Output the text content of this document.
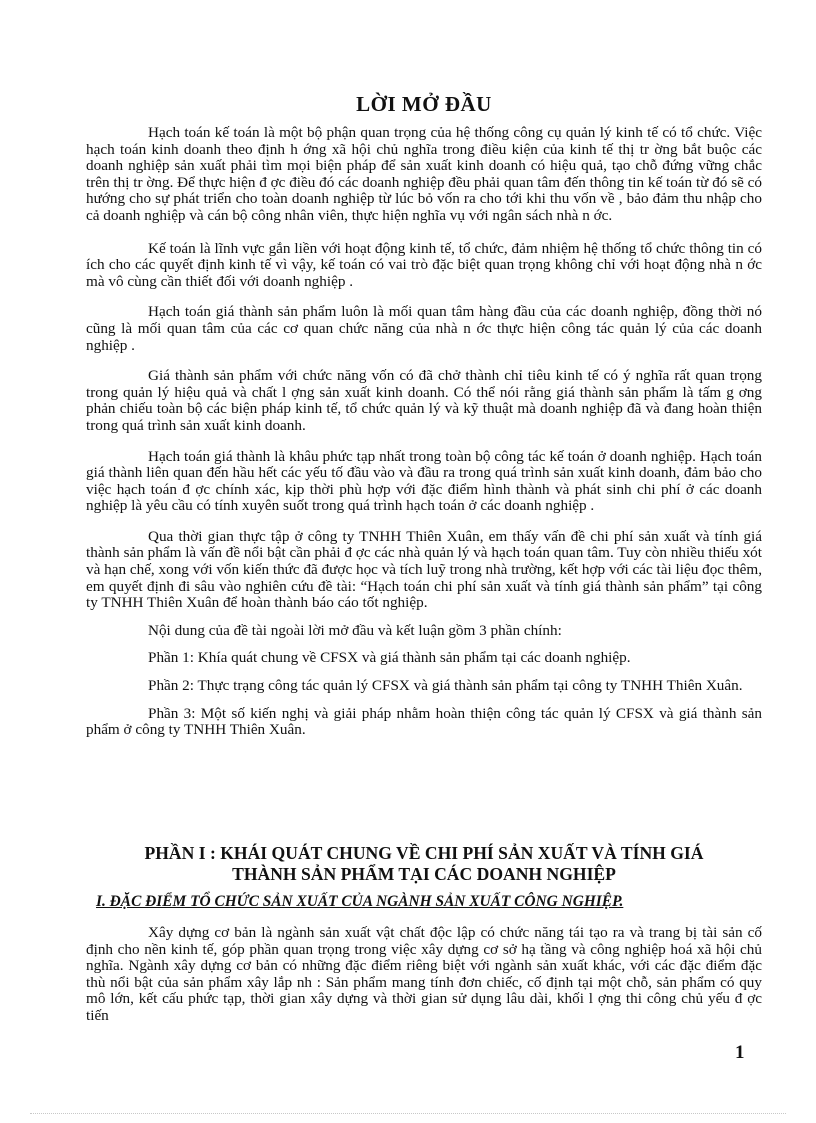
LỜI MỞ ĐẦU

Hạch toán kế toán là một bộ phận quan trọng của hệ thống công cụ quản lý kinh tế có tổ chức. Việc hạch toán kinh doanh theo định h ớng xã hội chủ nghĩa trong điều kiện của kinh tế thị tr ờng bắt buộc các doanh nghiệp sản xuất phải tìm mọi biện pháp để sản xuất kinh doanh có hiệu quả, tạo chỗ đứng vững chắc trên thị tr ờng. Để thực hiện đ ợc điều đó các doanh nghiệp đều phải quan tâm đến thông tin kế toán từ đó sẽ có hướng cho sự phát triển cho toàn doanh nghiệp từ lúc bỏ vốn ra cho tới khi thu vốn về , bảo đảm thu nhập cho cả doanh nghiệp và cán bộ công nhân viên, thực hiện nghĩa vụ với ngân sách nhà n ớc.

Kế toán là lĩnh vực gắn liền với hoạt động kinh tế, tổ chức, đảm nhiệm hệ thống tổ chức thông tin có ích cho các quyết định kinh tế vì vậy, kế toán có vai trò đặc biệt quan trọng không chỉ với hoạt động nhà n ớc mà vô cùng cần thiết đối với doanh nghiệp .

Hạch toán giá thành sản phẩm luôn là mối quan tâm hàng đầu của các doanh nghiệp, đồng thời nó cũng là mối quan tâm của các cơ quan chức năng của nhà n ớc thực hiện công tác quản lý của các doanh nghiệp .

Giá thành sản phẩm với chức năng vốn có đã chở thành chỉ tiêu kinh tế có ý nghĩa rất quan trọng trong quản lý hiệu quả và chất l ợng sản xuất kinh doanh. Có thể nói rằng giá thành sản phẩm là tấm g ơng phản chiếu toàn bộ các biện pháp kinh tế, tổ chức quản lý và kỹ thuật mà doanh nghiệp đã và đang hoàn thiện trong quá trình sản xuất kinh doanh.

Hạch toán giá thành là khâu phức tạp nhất trong toàn bộ công tác kế toán ở doanh nghiệp. Hạch toán giá thành liên quan đến hầu hết các yếu tố đầu vào và đầu ra trong quá trình sản xuất kinh doanh, đảm bảo cho việc hạch toán đ ợc chính xác, kịp thời phù hợp với đặc điểm hình thành và phát sinh chi phí ở các doanh nghiệp là yêu cầu có tính xuyên suốt trong quá trình hạch toán ở các doanh nghiệp .

Qua thời gian thực tập ở công ty TNHH Thiên Xuân, em thấy vấn đề chi phí sản xuất và tính giá thành sản phẩm là vấn đề nổi bật cần phải đ ợc các nhà quản lý và hạch toán quan tâm. Tuy còn nhiều thiếu xót và hạn chế, xong với vốn kiến thức đã được học và tích luỹ trong nhà trường, kết hợp với các tài liệu đọc thêm, em quyết định đi sâu vào nghiên cứu đề tài: “Hạch toán chi phí sản xuất và tính giá thành sản phẩm” tại công ty TNHH Thiên Xuân để hoàn thành báo cáo tốt nghiệp.

Nội dung của đề tài ngoài lời mở đầu và kết luận gồm 3 phần chính:

Phần 1: Khía quát chung về CFSX và giá thành sản phẩm tại các doanh nghiệp.

Phần 2: Thực trạng công tác quản lý CFSX và giá thành sản phẩm tại công ty TNHH Thiên Xuân.

Phần 3: Một số kiến nghị và giải pháp nhằm hoàn thiện công tác quản lý CFSX và giá thành sản phẩm ở công ty TNHH Thiên Xuân.

PHẦN I : KHÁI QUÁT CHUNG VỀ CHI PHÍ SẢN XUẤT VÀ TÍNH GIÁ
THÀNH SẢN PHẨM TẠI CÁC DOANH NGHIỆP
I. ĐẶC ĐIỂM TỔ CHỨC SẢN XUẤT CỦA NGÀNH SẢN XUẤT CÔNG NGHIỆP.

Xây dựng cơ bản là ngành sản xuất vật chất độc lập có chức năng tái tạo ra và trang bị tài sản cố định cho nền kinh tế, góp phần quan trọng trong việc xây dựng cơ sở hạ tầng và công nghiệp hoá xã hội chủ nghĩa. Ngành xây dựng cơ bản có những đặc điểm riêng biệt với ngành sản xuất khác, với các đặc điểm đặc thù nổi bật của sản phẩm xây lắp nh : Sản phẩm mang tính đơn chiếc, cố định tại một chỗ, sản phẩm có quy mô lớn, kết cấu phức tạp, thời gian xây dựng và thời gian sử dụng lâu dài, khối l ợng thi công chủ yếu đ ợc tiến

1
